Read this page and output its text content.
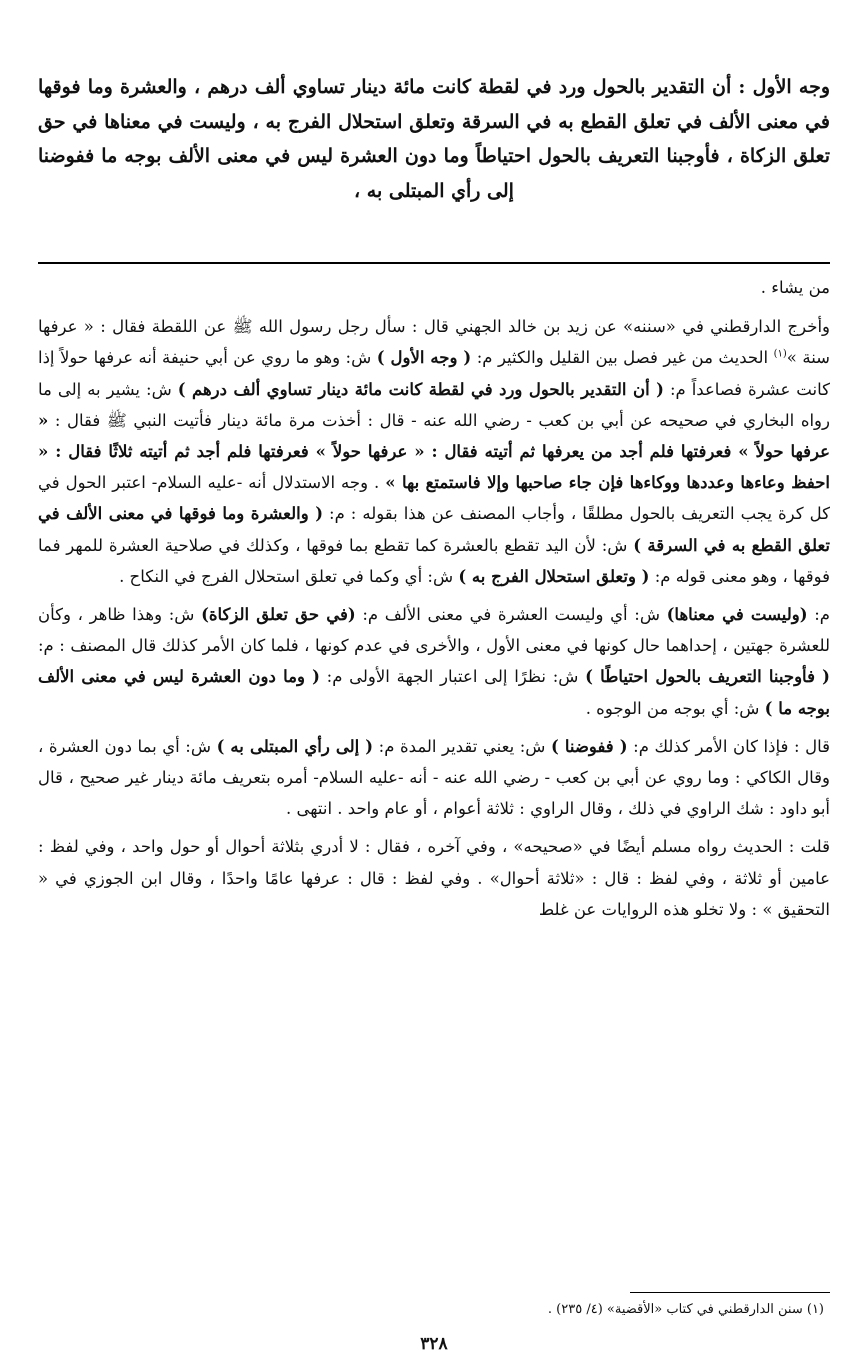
وجه الأول : أن التقدير بالحول ورد في لقطة كانت مائة دينار تساوي ألف درهم ، والعشرة وما فوقها في معنى الألف في تعلق القطع به في السرقة وتعلق استحلال الفرج به ، وليست في معناها في حق تعلق الزكاة ، فأوجبنا التعريف بالحول احتياطاً وما دون العشرة ليس في معنى الألف بوجه ما ففوضنا إلى رأي المبتلى به ،

من يشاء .

وأخرج الدارقطني في «سننه» عن زيد بن خالد الجهني قال : سأل رجل رسول الله ﷺ عن اللقطة فقال : « عرفها سنة »$^{(١)}$ الحديث من غير فصل بين القليل والكثير م: ( وجه الأول ) ش: وهو ما روي عن أبي حنيفة أنه عرفها حولاً إذا كانت عشرة فصاعداً م: ( أن التقدير بالحول ورد في لقطة كانت مائة دينار تساوي ألف درهم ) ش: يشير به إلى ما رواه البخاري في صحيحه عن أبي بن كعب - رضي الله عنه - قال : أخذت مرة مائة دينار فأتيت النبي ﷺ فقال : « عرفها حولاً » فعرفتها فلم أجد من يعرفها ثم أتيته فقال : « عرفها حولاً » فعرفتها فلم أجد ثم أتيته ثلاثًا فقال : « احفظ وعاءها وعددها ووكاءها فإن جاء صاحبها وإلا فاستمتع بها » . وجه الاستدلال أنه -عليه السلام- اعتبر الحول في كل كرة يجب التعريف بالحول مطلقًا ، وأجاب المصنف عن هذا بقوله : م: ( والعشرة وما فوقها في معنى الألف في تعلق القطع به في السرقة ) ش: لأن اليد تقطع بالعشرة كما تقطع بما فوقها ، وكذلك في صلاحية العشرة للمهر فما فوقها ، وهو معنى قوله م: ( وتعلق استحلال الفرج به ) ش: أي وكما في تعلق استحلال الفرج في النكاح .

م: (وليست في معناها) ش: أي وليست العشرة في معنى الألف م: (في حق تعلق الزكاة) ش: وهذا ظاهر ، وكأن للعشرة جهتين ، إحداهما حال كونها في معنى الأول ، والأخرى في عدم كونها ، فلما كان الأمر كذلك قال المصنف : م: ( فأوجبنا التعريف بالحول احتياطًا ) ش: نظرًا إلى اعتبار الجهة الأولى م: ( وما دون العشرة ليس في معنى الألف بوجه ما ) ش: أي بوجه من الوجوه .

قال : فإذا كان الأمر كذلك م: ( ففوضنا ) ش: يعني تقدير المدة م: ( إلى رأي المبتلى به ) ش: أي بما دون العشرة ، وقال الكاكي : وما روي عن أبي بن كعب - رضي الله عنه - أنه -عليه السلام- أمره بتعريف مائة دينار غير صحيح ، قال أبو داود : شك الراوي في ذلك ، وقال الراوي : ثلاثة أعوام ، أو عام واحد . انتهى .

قلت : الحديث رواه مسلم أيضًا في «صحيحه» ، وفي آخره ، فقال : لا أدري بثلاثة أحوال أو حول واحد ، وفي لفظ : عامين أو ثلاثة ، وفي لفظ : قال : «ثلاثة أحوال» . وفي لفظ : قال : عرفها عامًا واحدًا ، وقال ابن الجوزي في « التحقيق » : ولا تخلو هذه الروايات عن غلط

(١) سنن الدارقطني في كتاب «الأقضية» (٤/ ٢٣٥) .
٣٢٨
